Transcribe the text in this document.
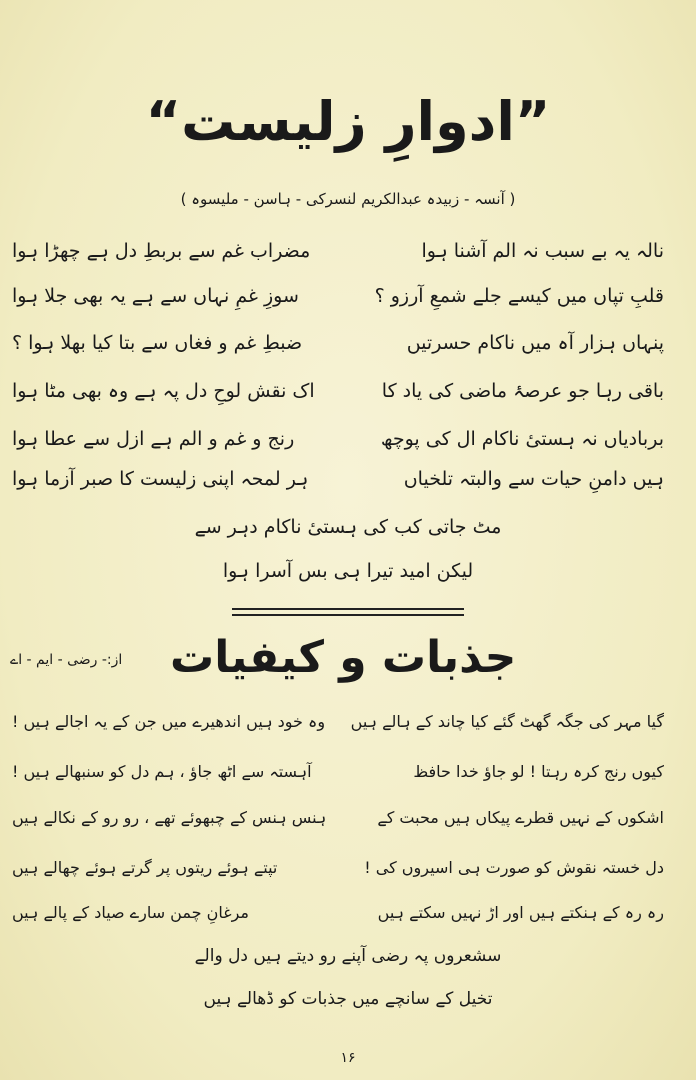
”ادوارِ زلیست“
( آنسہ - زبیدہ عبدالکریم لنسرکی - ہاسن - ملیسوہ )
نالہ یہ بے سبب نہ الم آشنا ہوا
مضراب غم سے بربطِ دل ہے چھڑا ہوا
قلبِ تپاں میں کیسے جلے شمعِ آرزو ؟
سوزِ غمِ نہاں سے ہے یہ بھی جلا ہوا
پنہاں ہزار آہ میں ناکام حسرتیں
ضبطِ غم و فغاں سے بتا کیا بھلا ہوا ؟
باقی رہا جو عرصۂ ماضی کی یاد کا
اک نقش لوحِ دل پہ ہے وہ بھی مٹا ہوا
بربادیاں نہ ہستیٔ ناکام ال کی پوچھ
رنج و غم و الم ہے ازل سے عطا ہوا
ہیں دامنِ حیات سے والبتہ تلخیاں
ہر لمحہ اپنی زلیست کا صبر آزما ہوا
مٹ جاتی کب کی ہستیٔ ناکام دہر سے
لیکن امید تیرا ہی بس آسرا ہوا
جذبات و کیفیات
از:- رضی - ایم - اے
گیا مہر کی جگہ گھٹ گئے کیا چاند کے ہالے ہیں
وہ خود ہیں اندھیرے میں جن کے یہ اجالے ہیں !
کیوں رنج کرہ رہتا ! لو جاؤ خدا حافظ
آہستہ سے اٹھ جاؤ ، ہم دل کو سنبھالے ہیں !
اشکوں کے نہیں قطرے پیکاں ہیں محبت کے
ہنس ہنس کے چبھوئے تھے ، رو رو کے نکالے ہیں
دل خستہ نقوش کو صورت ہی اسیروں کی !
تپتے ہوئے ریتوں پر گرتے ہوئے چھالے ہیں
رہ رہ کے ہنکتے ہیں اور اڑ نہیں سکتے ہیں
مرغانِ چمن سارے صیاد کے پالے ہیں
سشعروں پہ رضی آپنے رو دیتے ہیں دل والے
تخیل کے سانچے میں جذبات کو ڈھالے ہیں
۱۶
